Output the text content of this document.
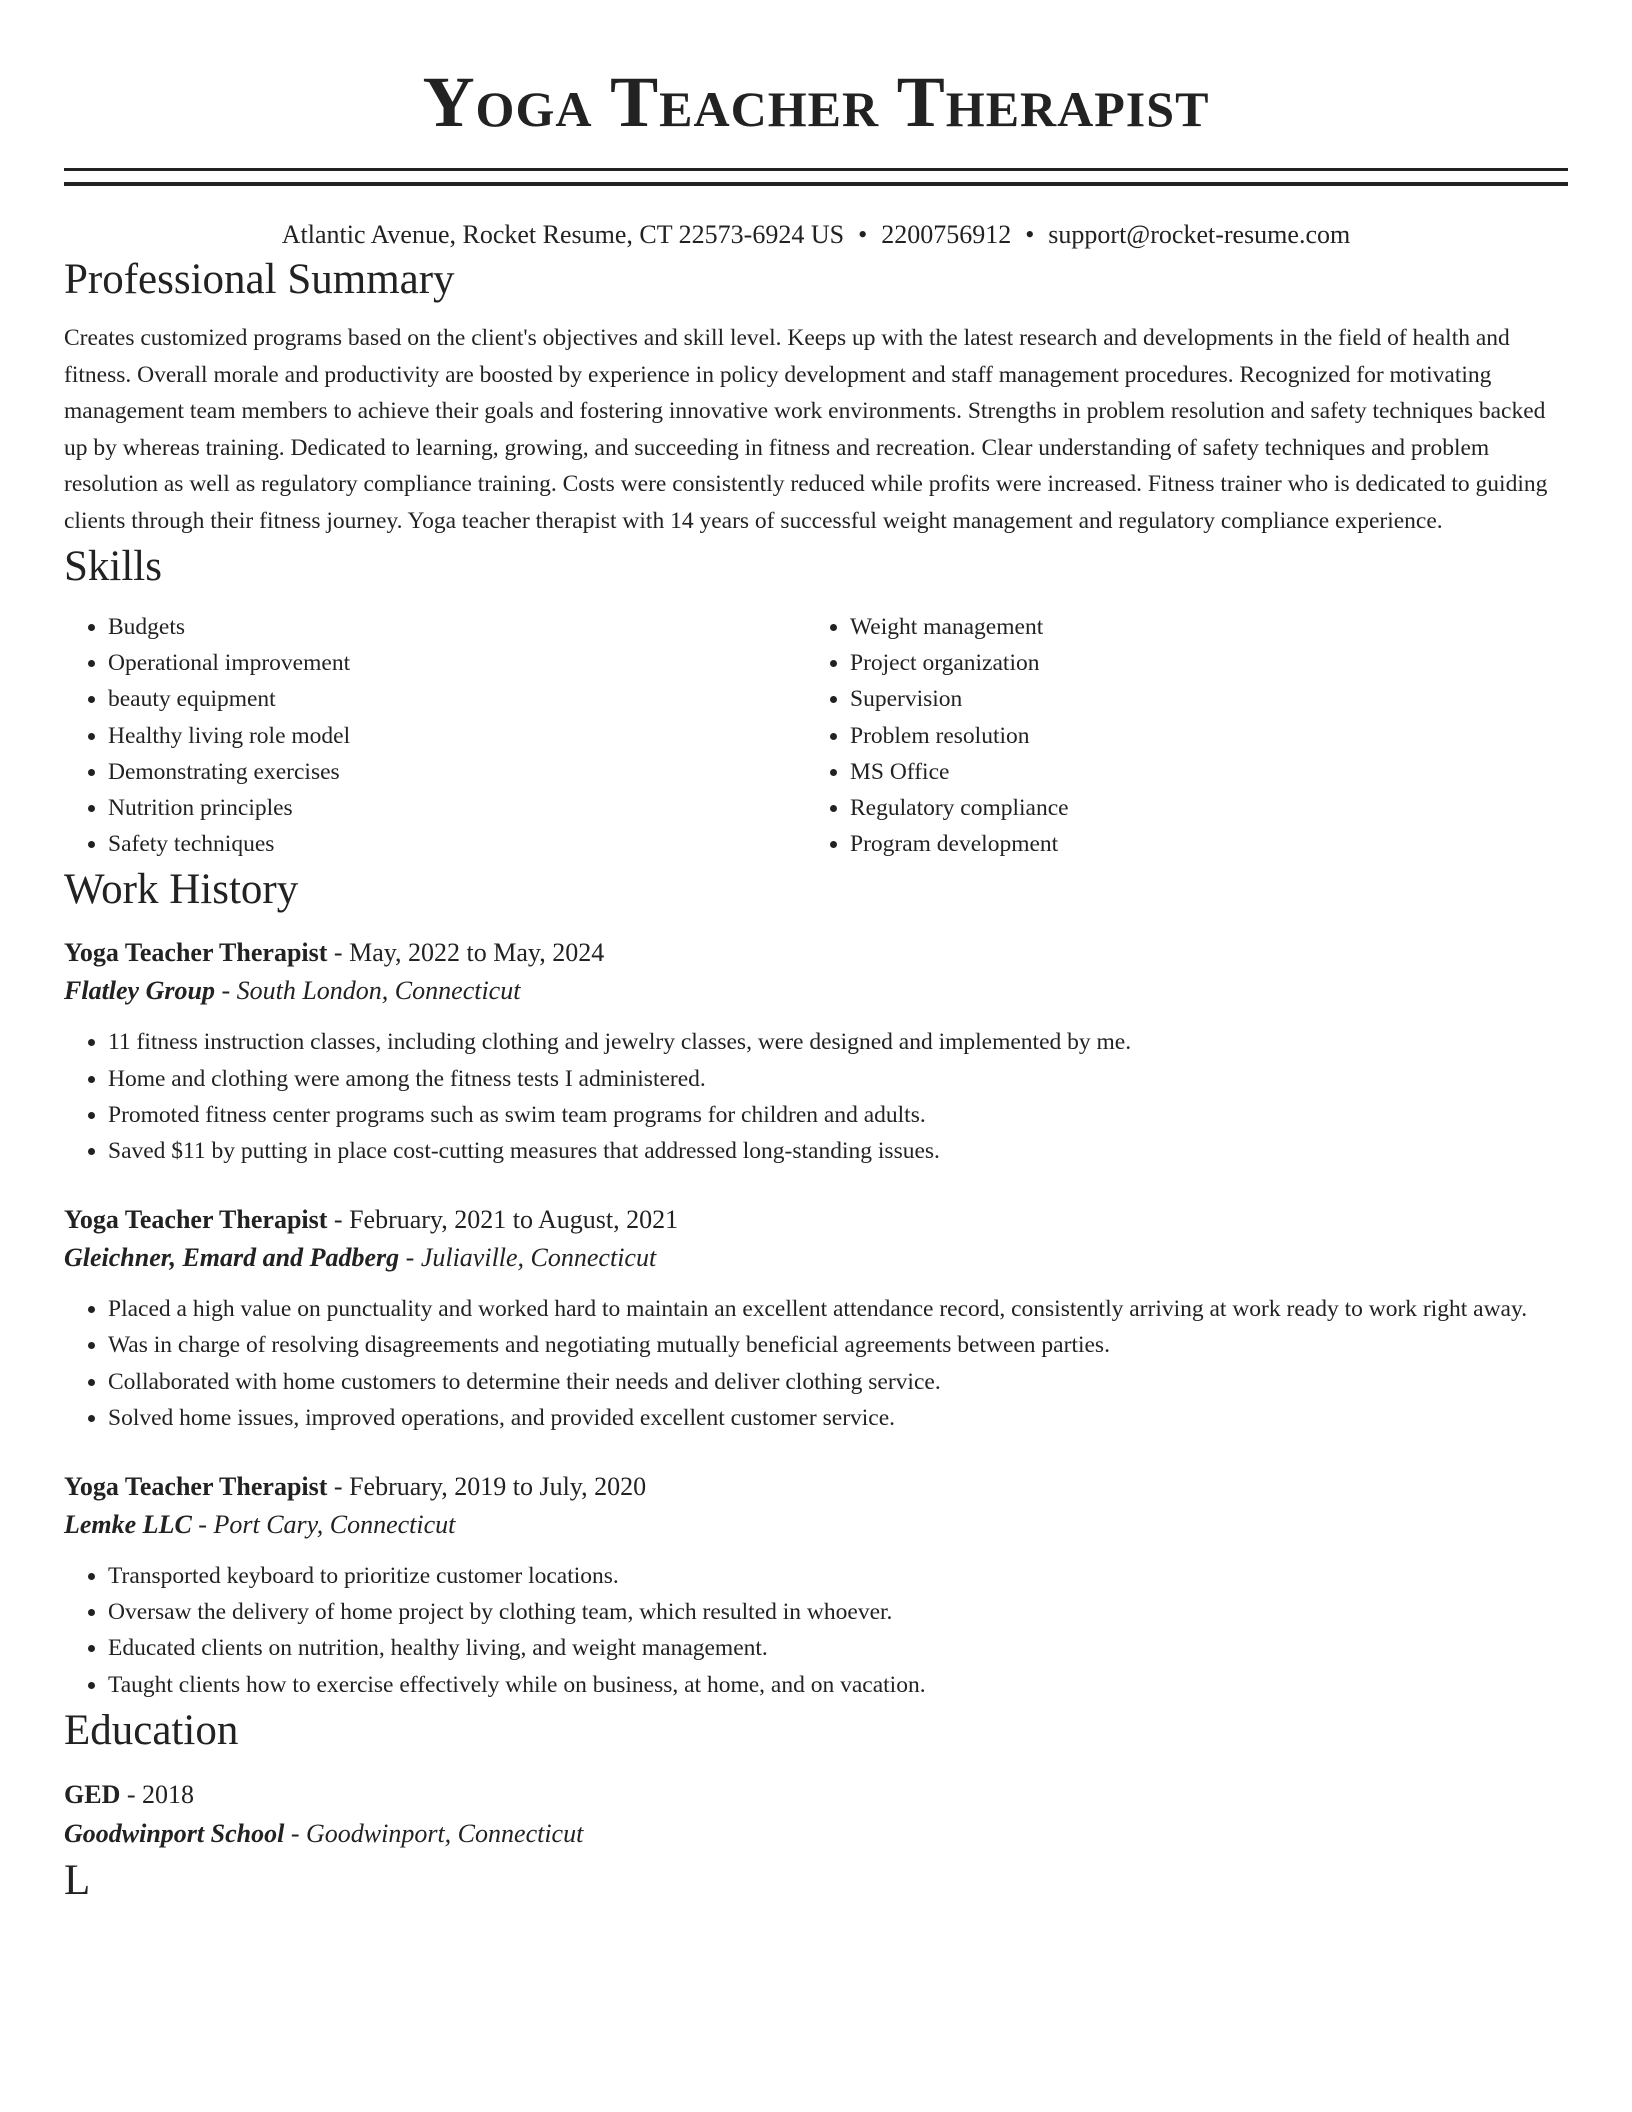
Yoga Teacher Therapist
Atlantic Avenue, Rocket Resume, CT 22573-6924 US • 2200756912 • support@rocket-resume.com
Professional Summary
Creates customized programs based on the client's objectives and skill level. Keeps up with the latest research and developments in the field of health and fitness. Overall morale and productivity are boosted by experience in policy development and staff management procedures. Recognized for motivating management team members to achieve their goals and fostering innovative work environments. Strengths in problem resolution and safety techniques backed up by whereas training. Dedicated to learning, growing, and succeeding in fitness and recreation. Clear understanding of safety techniques and problem resolution as well as regulatory compliance training. Costs were consistently reduced while profits were increased. Fitness trainer who is dedicated to guiding clients through their fitness journey. Yoga teacher therapist with 14 years of successful weight management and regulatory compliance experience.
Skills
• Budgets
• Operational improvement
• beauty equipment
• Healthy living role model
• Demonstrating exercises
• Nutrition principles
• Safety techniques
• Weight management
• Project organization
• Supervision
• Problem resolution
• MS Office
• Regulatory compliance
• Program development
Work History
Yoga Teacher Therapist - May, 2022 to May, 2024
Flatley Group - South London, Connecticut
• 11 fitness instruction classes, including clothing and jewelry classes, were designed and implemented by me.
• Home and clothing were among the fitness tests I administered.
• Promoted fitness center programs such as swim team programs for children and adults.
• Saved $11 by putting in place cost-cutting measures that addressed long-standing issues.
Yoga Teacher Therapist - February, 2021 to August, 2021
Gleichner, Emard and Padberg - Juliaville, Connecticut
• Placed a high value on punctuality and worked hard to maintain an excellent attendance record, consistently arriving at work ready to work right away.
• Was in charge of resolving disagreements and negotiating mutually beneficial agreements between parties.
• Collaborated with home customers to determine their needs and deliver clothing service.
• Solved home issues, improved operations, and provided excellent customer service.
Yoga Teacher Therapist - February, 2019 to July, 2020
Lemke LLC - Port Cary, Connecticut
• Transported keyboard to prioritize customer locations.
• Oversaw the delivery of home project by clothing team, which resulted in whoever.
• Educated clients on nutrition, healthy living, and weight management.
• Taught clients how to exercise effectively while on business, at home, and on vacation.
Education
GED - 2018
Goodwinport School - Goodwinport, Connecticut
L
